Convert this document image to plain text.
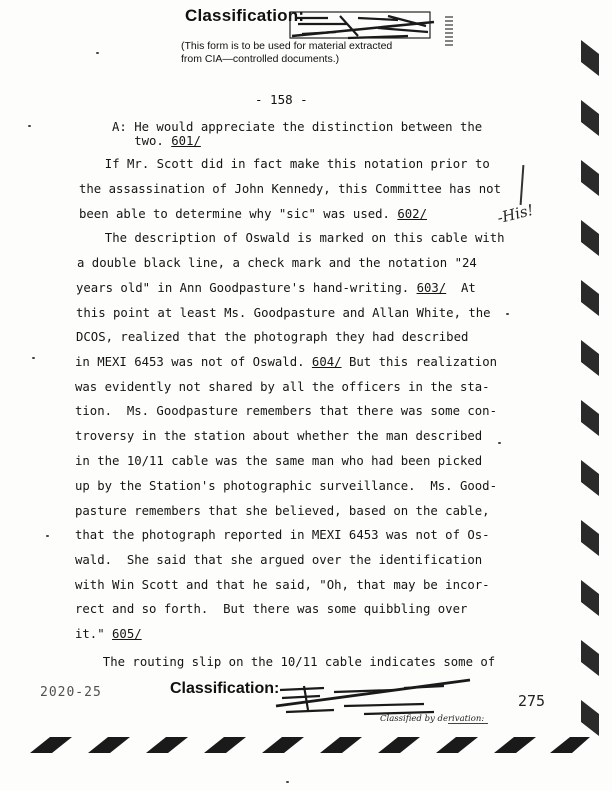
Classification:
(This form is to be used for material extracted
from CIA—controlled documents.)
- 158 -
A: He would appreciate the distinction between the
two. 601/
If Mr. Scott did in fact make this notation prior to
the assassination of John Kennedy, this Committee has not
been able to determine why "sic" was used. 602/
The description of Oswald is marked on this cable with
a double black line, a check mark and the notation "24
years old" in Ann Goodpasture's hand-writing. 603/  At
this point at least Ms. Goodpasture and Allan White, the
DCOS, realized that the photograph they had described
in MEXI 6453 was not of Oswald. 604/ But this realization
was evidently not shared by all the officers in the sta-
tion.  Ms. Goodpasture remembers that there was some con-
troversy in the station about whether the man described
in the 10/11 cable was the same man who had been picked
up by the Station's photographic surveillance.  Ms. Good-
pasture remembers that she believed, based on the cable,
that the photograph reported in MEXI 6453 was not of Os-
wald.  She said that she argued over the identification
with Win Scott and that he said, "Oh, that may be incor-
rect and so forth.  But there was some quibbling over
it." 605/
The routing slip on the 10/11 cable indicates some of
-His!
2020-25	Classification:
Classified by derivation:
275
